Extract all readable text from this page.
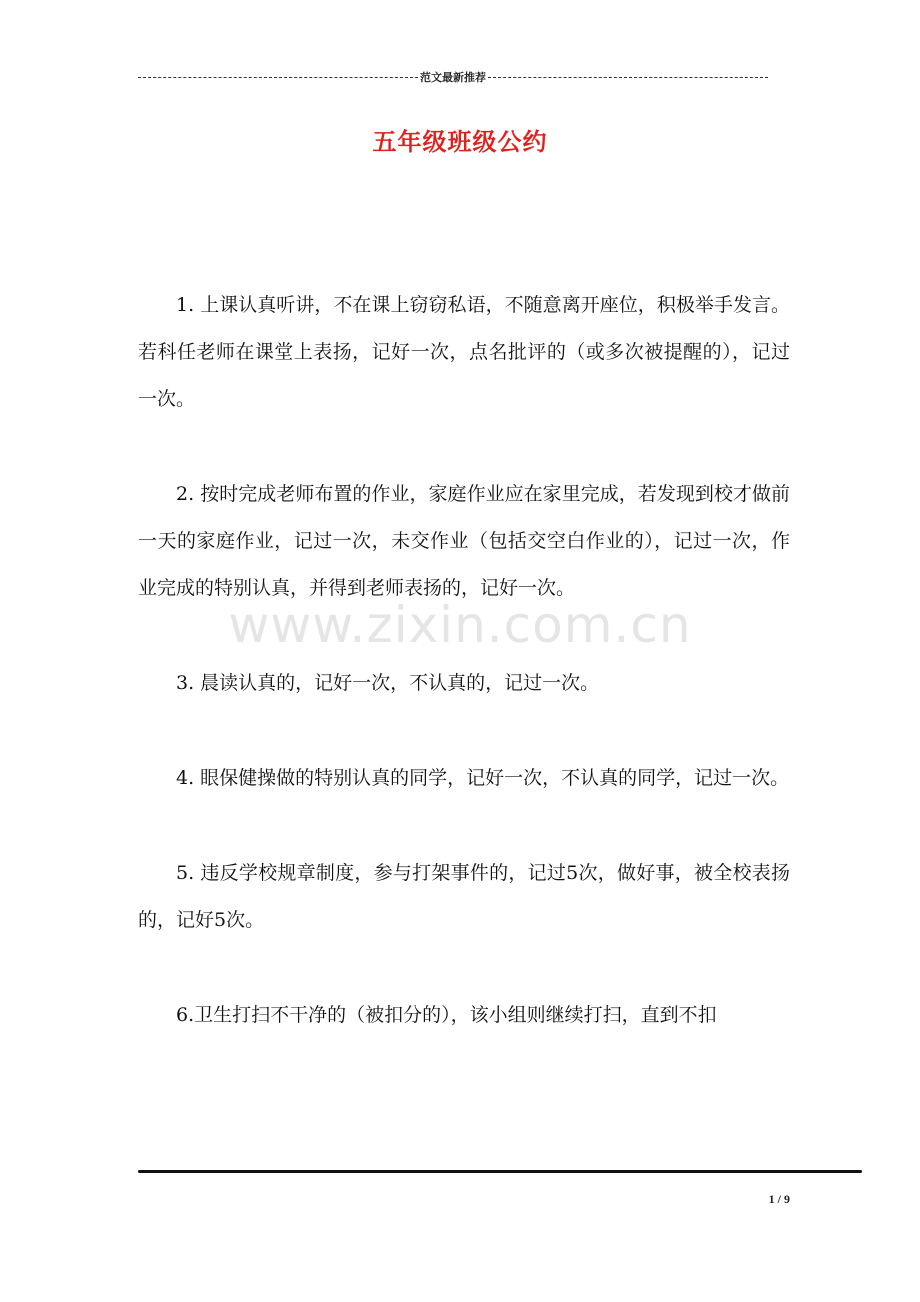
范文最新推荐
五年级班级公约

1. 上课认真听讲，不在课上窃窃私语，不随意离开座位，积极举手发言。若科任老师在课堂上表扬，记好一次，点名批评的（或多次被提醒的），记过一次。

2. 按时完成老师布置的作业，家庭作业应在家里完成，若发现到校才做前一天的家庭作业，记过一次，未交作业（包括交空白作业的），记过一次，作业完成的特别认真，并得到老师表扬的，记好一次。

3. 晨读认真的，记好一次，不认真的，记过一次。

4. 眼保健操做的特别认真的同学，记好一次，不认真的同学，记过一次。

5. 违反学校规章制度，参与打架事件的，记过5次，做好事，被全校表扬的，记好5次。

6.卫生打扫不干净的（被扣分的），该小组则继续打扫，直到不扣

www.zixin.com.cn
1 / 9
